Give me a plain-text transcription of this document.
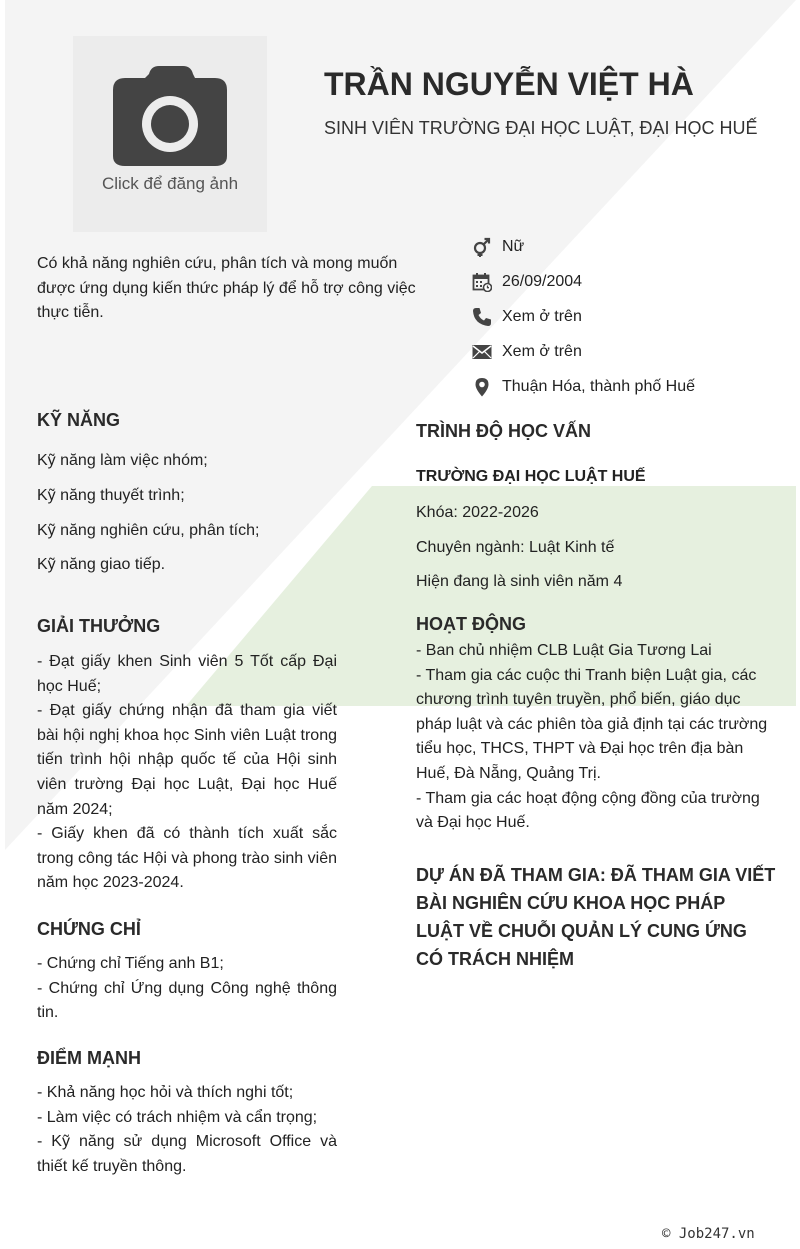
Click để đăng ảnh
TRẦN NGUYỄN VIỆT HÀ
SINH VIÊN TRƯỜNG ĐẠI HỌC LUẬT, ĐẠI HỌC HUẾ
Có khả năng nghiên cứu, phân tích và mong muốn được ứng dụng kiến thức pháp lý để hỗ trợ công việc thực tiễn.
Nữ
26/09/2004
Xem ở trên
Xem ở trên
Thuận Hóa, thành phố Huế
KỸ NĂNG

Kỹ năng làm việc nhóm;

Kỹ năng thuyết trình;

Kỹ năng nghiên cứu, phân tích;

Kỹ năng giao tiếp.

GIẢI THƯỞNG

- Đạt giấy khen Sinh viên 5 Tốt cấp Đại học Huế;

- Đạt giấy chứng nhận đã tham gia viết bài hội nghị khoa học Sinh viên Luật trong tiến trình hội nhập quốc tế của Hội sinh viên trường Đại học Luật, Đại học Huế năm 2024;

- Giấy khen đã có thành tích xuất sắc trong công tác Hội và phong trào sinh viên năm học 2023-2024.

CHỨNG CHỈ

- Chứng chỉ Tiếng anh B1;

- Chứng chỉ Ứng dụng Công nghệ thông tin.

ĐIỂM MẠNH

- Khả năng học hỏi và thích nghi tốt;

- Làm việc có trách nhiệm và cẩn trọng;

- Kỹ năng sử dụng Microsoft Office và thiết kế truyền thông.

TRÌNH ĐỘ HỌC VẤN
TRƯỜNG ĐẠI HỌC LUẬT HUẾ

Khóa: 2022-2026

Chuyên ngành: Luật Kinh tế

Hiện đang là sinh viên năm 4

HOẠT ĐỘNG

- Ban chủ nhiệm CLB Luật Gia Tương Lai

- Tham gia các cuộc thi Tranh biện Luật gia, các chương trình tuyên truyền, phổ biến, giáo dục pháp luật và các phiên tòa giả định tại các trường tiểu học, THCS, THPT và Đại học trên địa bàn Huế, Đà Nẵng, Quảng Trị.

- Tham gia các hoạt động cộng đồng của trường và Đại học Huế.

DỰ ÁN ĐÃ THAM GIA: ĐÃ THAM GIA VIẾT BÀI NGHIÊN CỨU KHOA HỌC PHÁP LUẬT VỀ CHUỖI QUẢN LÝ CUNG ỨNG CÓ TRÁCH NHIỆM
© Job247.vn
